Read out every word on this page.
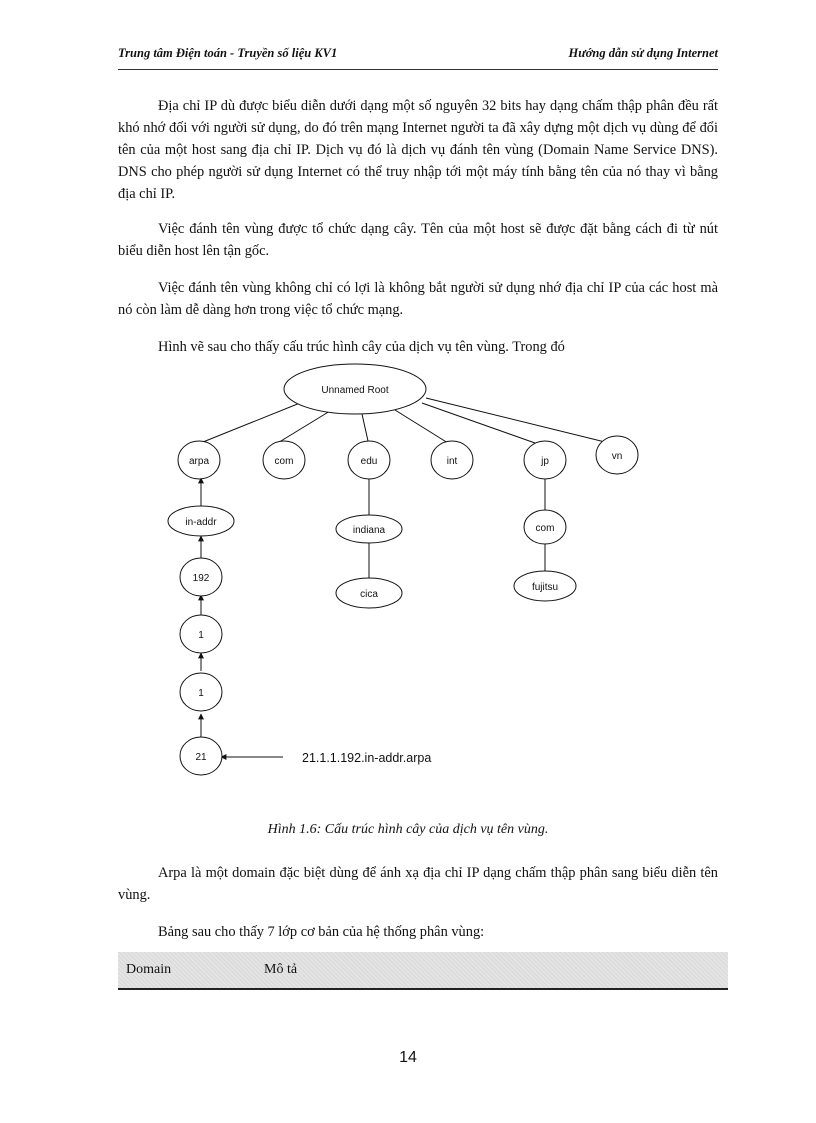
Trung tâm Điện toán - Truyền số liệu KV1	Hướng dẫn sử dụng Internet

Địa chỉ IP dù được biểu diễn dưới dạng một số nguyên 32 bits hay dạng chấm thập phân đều rất khó nhớ đối với người sử dụng, do đó trên mạng Internet người ta đã xây dựng một dịch vụ dùng để đổi tên của một host sang địa chỉ IP. Dịch vụ đó là dịch vụ đánh tên vùng (Domain Name Service DNS). DNS cho phép người sử dụng Internet có thể truy nhập tới một máy tính bằng tên của nó thay vì bằng địa chỉ IP.

Việc đánh tên vùng được tổ chức dạng cây. Tên của một host sẽ được đặt bằng cách đi từ nút biểu diễn host lên tận gốc.

Việc đánh tên vùng không chỉ có lợi là không bắt người sử dụng nhớ địa chỉ IP của các host mà nó còn làm dễ dàng hơn trong việc tổ chức mạng.

Hình vẽ sau cho thấy cấu trúc hình cây của dịch vụ tên vùng. Trong đó

Unnamed Root
arpa	com	edu	int	jp	vn
in-addr
192
1
1
21
indiana
cica
com
fujitsu
21.1.1.192.in-addr.arpa
Hình 1.6: Cấu trúc hình cây của dịch vụ tên vùng.

Arpa là một domain đặc biệt dùng để ánh xạ địa chỉ IP dạng chấm thập phân sang biểu diễn tên vùng.

Bảng sau cho thấy 7 lớp cơ bản của hệ thống phân vùng:

Domain	Mô tả
14
